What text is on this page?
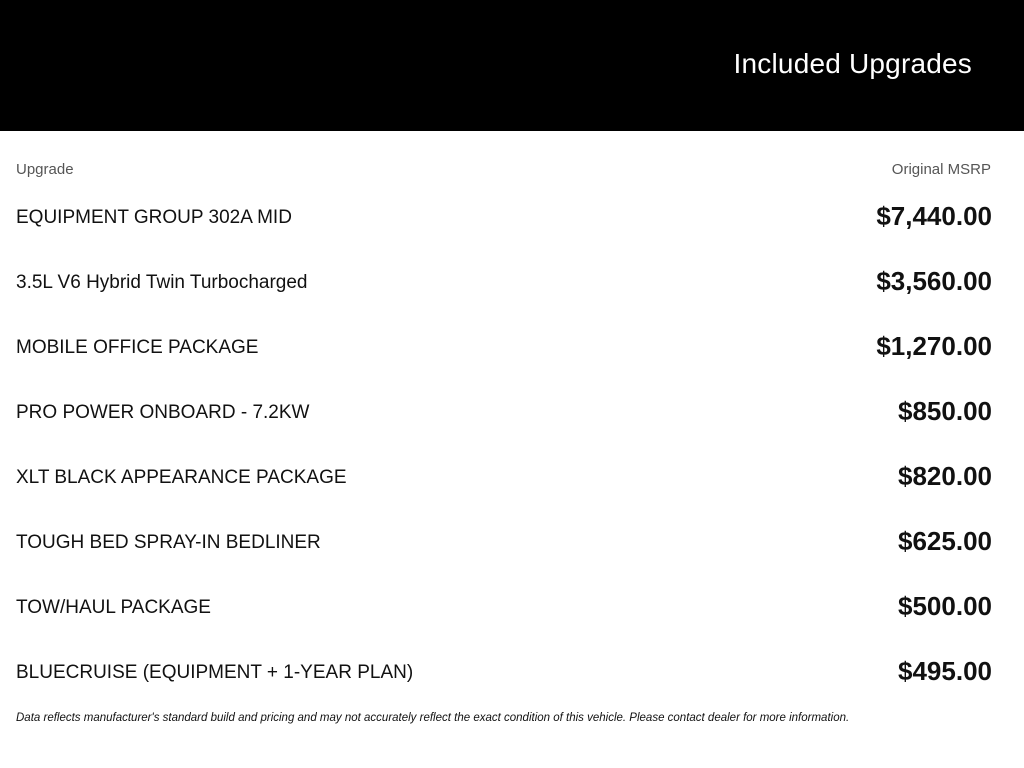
Included Upgrades
Upgrade	Original MSRP
EQUIPMENT GROUP 302A MID	$7,440.00
3.5L V6 Hybrid Twin Turbocharged	$3,560.00
MOBILE OFFICE PACKAGE	$1,270.00
PRO POWER ONBOARD - 7.2KW	$850.00
XLT BLACK APPEARANCE PACKAGE	$820.00
TOUGH BED SPRAY-IN BEDLINER	$625.00
TOW/HAUL PACKAGE	$500.00
BLUECRUISE (EQUIPMENT + 1-YEAR PLAN)	$495.00
Data reflects manufacturer's standard build and pricing and may not accurately reflect the exact condition of this vehicle. Please contact dealer for more information.
